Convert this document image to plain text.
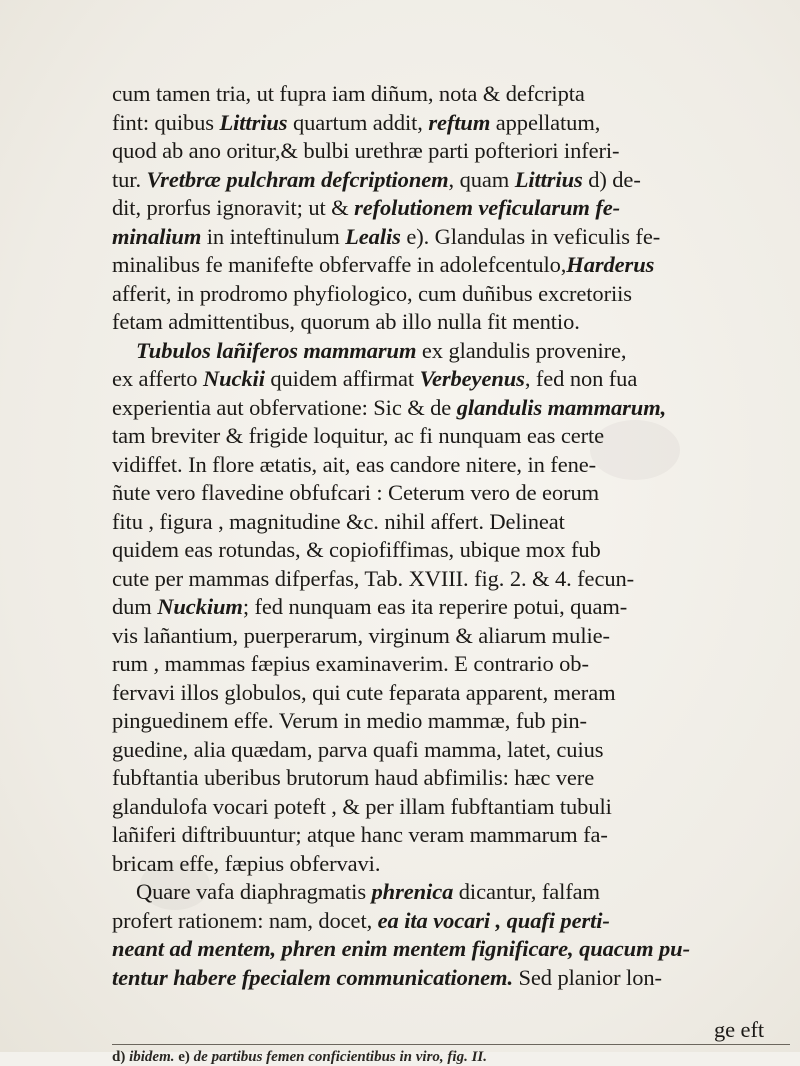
cum tamen tria, ut fupra iam diñum, nota & defcripta
fint: quibus Littrius quartum addit, reftum appellatum,
quod ab ano oritur,& bulbi urethræ parti pofteriori inferi-
tur. Vretbræ pulchram defcriptionem, quam Littrius d) de-
dit, prorfus ignoravit; ut & refolutionem veficularum fe-
minalium in inteftinulum Lealis e). Glandulas in veficulis fe-
minalibus fe manifefte obfervaffe in adolefcentulo,Harderus
afferit, in prodromo phyfiologico, cum duñibus excretoriis
fetam admittentibus, quorum ab illo nulla fit mentio.
Tubulos lañiferos mammarum ex glandulis provenire,
ex afferto Nuckii quidem affirmat Verbeyenus, fed non fua
experientia aut obfervatione: Sic & de glandulis mammarum,
tam breviter & frigide loquitur, ac fi nunquam eas certe
vidiffet. In flore ætatis, ait, eas candore nitere, in fene-
ñute vero flavedine obfufcari : Ceterum vero de eorum
fitu , figura , magnitudine &c. nihil affert. Delineat
quidem eas rotundas, & copiofiffimas, ubique mox fub
cute per mammas difperfas, Tab. XVIII. fig. 2. & 4. fecun-
dum Nuckium; fed nunquam eas ita reperire potui, quam-
vis lañantium, puerperarum, virginum & aliarum mulie-
rum , mammas fæpius examinaverim. E contrario ob-
fervavi illos globulos, qui cute feparata apparent, meram
pinguedinem effe. Verum in medio mammæ, fub pin-
guedine, alia quædam, parva quafi mamma, latet, cuius
fubftantia uberibus brutorum haud abfimilis: hæc vere
glandulofa vocari poteft , & per illam fubftantiam tubuli
lañiferi diftribuuntur; atque hanc veram mammarum fa-
bricam effe, fæpius obfervavi.
Quare vafa diaphragmatis phrenica dicantur, falfam
profert rationem: nam, docet, ea ita vocari , quafi perti-
neant ad mentem, phren enim mentem fignificare, quacum pu-
tentur habere fpecialem communicationem. Sed planior lon-
ge eft
d) ibidem. e) de partibus femen conficientibus in viro, fig. II.
